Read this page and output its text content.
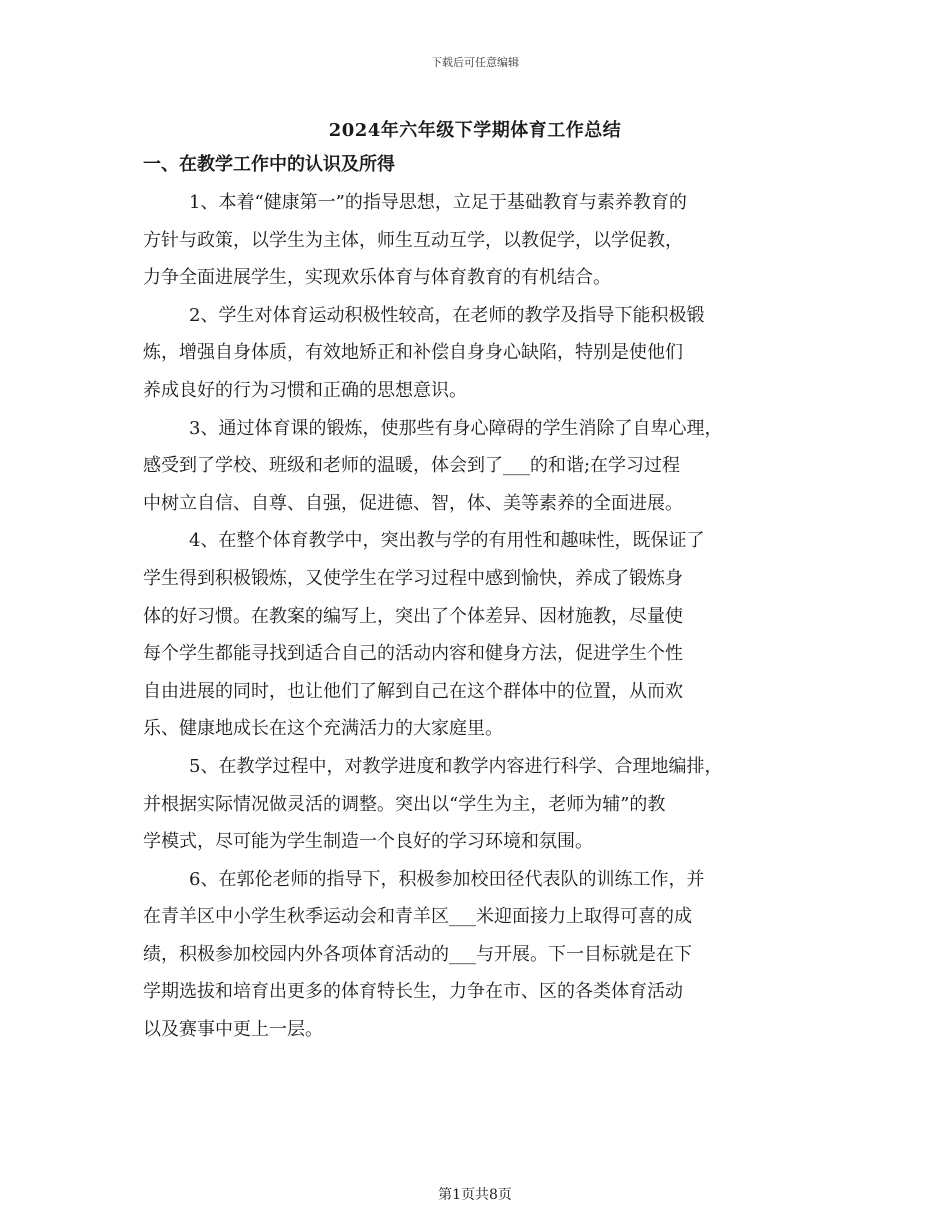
下载后可任意编辑
2024年六年级下学期体育工作总结
一、在教学工作中的认识及所得
1、本着“健康第一”的指导思想，立足于基础教育与素养教育的
方针与政策，以学生为主体，师生互动互学，以教促学，以学促教，
力争全面进展学生，实现欢乐体育与体育教育的有机结合。
2、学生对体育运动积极性较高，在老师的教学及指导下能积极锻
炼，增强自身体质，有效地矫正和补偿自身身心缺陷，特别是使他们
养成良好的行为习惯和正确的思想意识。
3、通过体育课的锻炼，使那些有身心障碍的学生消除了自卑心理，
感受到了学校、班级和老师的温暖，体会到了___的和谐;在学习过程
中树立自信、自尊、自强，促进德、智，体、美等素养的全面进展。
4、在整个体育教学中，突出教与学的有用性和趣味性，既保证了
学生得到积极锻炼，又使学生在学习过程中感到愉快，养成了锻炼身
体的好习惯。在教案的编写上，突出了个体差异、因材施教，尽量使
每个学生都能寻找到适合自己的活动内容和健身方法，促进学生个性
自由进展的同时，也让他们了解到自己在这个群体中的位置，从而欢
乐、健康地成长在这个充满活力的大家庭里。
5、在教学过程中，对教学进度和教学内容进行科学、合理地编排，
并根据实际情况做灵活的调整。突出以“学生为主，老师为辅”的教
学模式，尽可能为学生制造一个良好的学习环境和氛围。
6、在郭伦老师的指导下，积极参加校田径代表队的训练工作，并
在青羊区中小学生秋季运动会和青羊区___米迎面接力上取得可喜的成
绩，积极参加校园内外各项体育活动的___与开展。下一目标就是在下
学期选拔和培育出更多的体育特长生，力争在市、区的各类体育活动
以及赛事中更上一层。
第1页共8页
